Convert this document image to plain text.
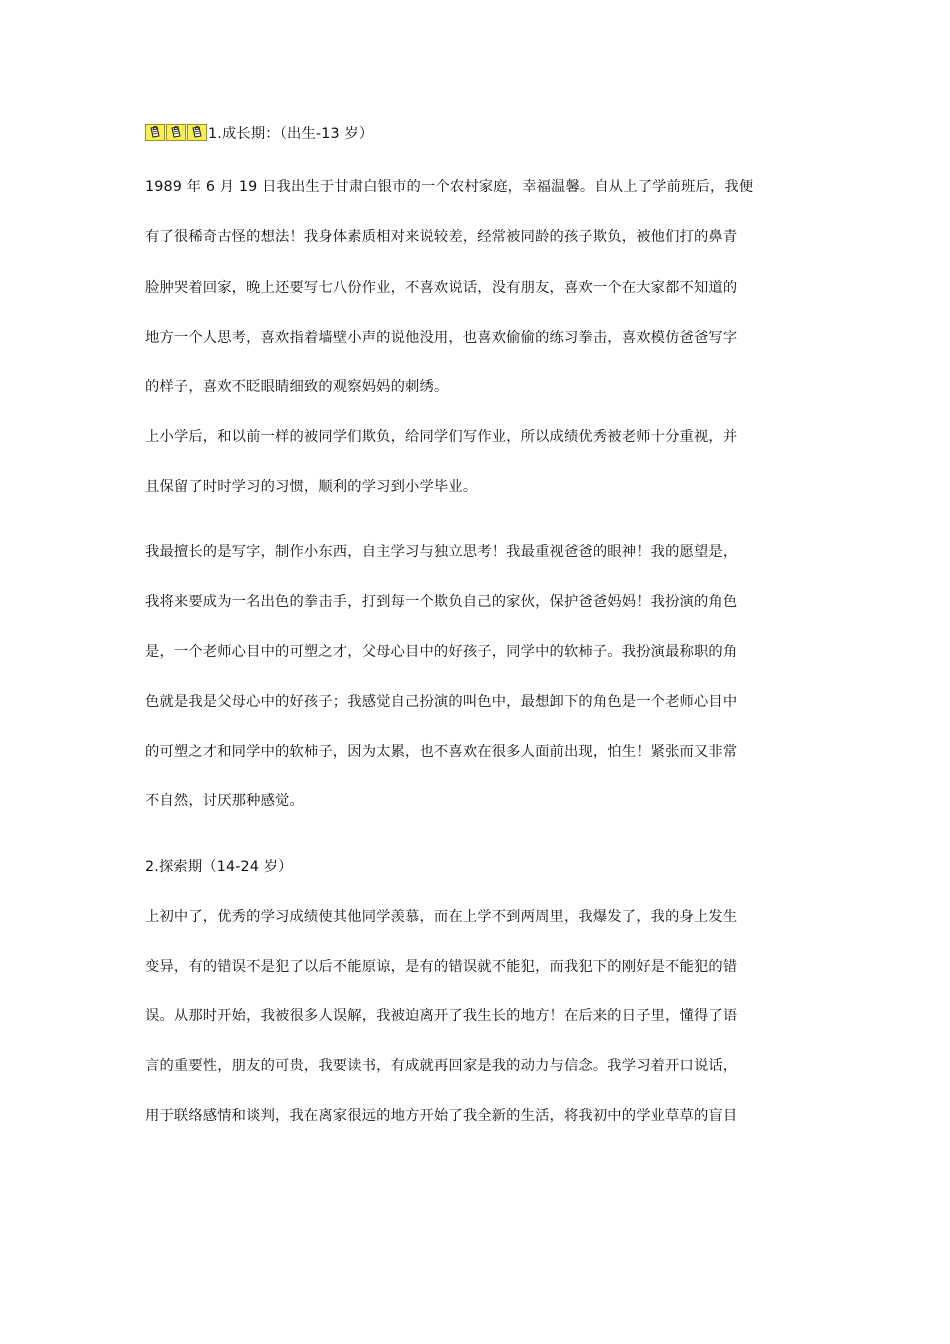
1.成长期：（出生-13 岁）
1989 年 6 月 19 日我出生于甘肃白银市的一个农村家庭，幸福温馨。自从上了学前班后，我便
有了很稀奇古怪的想法！我身体素质相对来说较差，经常被同龄的孩子欺负，被他们打的鼻青
脸肿哭着回家，晚上还要写七八份作业，不喜欢说话，没有朋友，喜欢一个在大家都不知道的
地方一个人思考，喜欢指着墙壁小声的说他没用，也喜欢偷偷的练习拳击，喜欢模仿爸爸写字
的样子，喜欢不眨眼睛细致的观察妈妈的刺绣。
上小学后，和以前一样的被同学们欺负，给同学们写作业，所以成绩优秀被老师十分重视，并
且保留了时时学习的习惯，顺利的学习到小学毕业。
我最擅长的是写字，制作小东西，自主学习与独立思考！我最重视爸爸的眼神！我的愿望是，
我将来要成为一名出色的拳击手，打到每一个欺负自己的家伙，保护爸爸妈妈！我扮演的角色
是，一个老师心目中的可塑之才，父母心目中的好孩子，同学中的软柿子。我扮演最称职的角
色就是我是父母心中的好孩子；我感觉自己扮演的叫色中，最想卸下的角色是一个老师心目中
的可塑之才和同学中的软柿子，因为太累，也不喜欢在很多人面前出现，怕生！紧张而又非常
不自然，讨厌那种感觉。
2.探索期（14-24 岁）
上初中了，优秀的学习成绩使其他同学羡慕，而在上学不到两周里，我爆发了，我的身上发生
变异，有的错误不是犯了以后不能原谅，是有的错误就不能犯，而我犯下的刚好是不能犯的错
误。从那时开始，我被很多人误解，我被迫离开了我生长的地方！在后来的日子里，懂得了语
言的重要性，朋友的可贵，我要读书，有成就再回家是我的动力与信念。我学习着开口说话，
用于联络感情和谈判，我在离家很远的地方开始了我全新的生活，将我初中的学业草草的盲目
